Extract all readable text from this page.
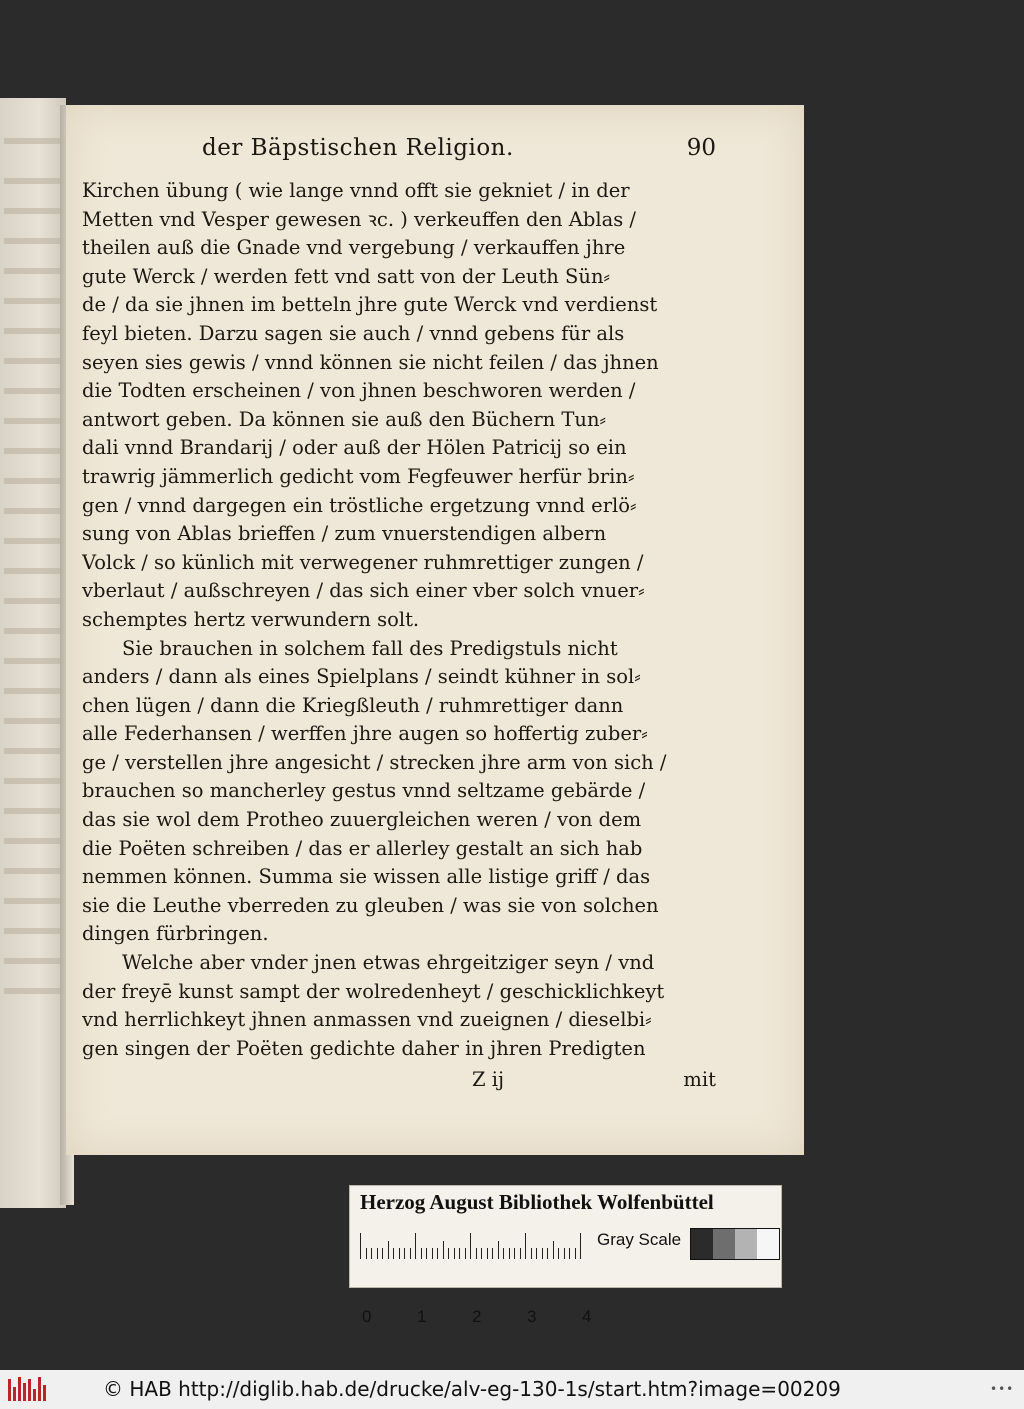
der Bäpstischen Religion.	90
Kirchen übung ( wie lange vnnd offt sie gekniet / in der
Metten vnd Vesper gewesen ꝛc. ) verkeuffen den Ablas /
theilen auß die Gnade vnd vergebung / verkauffen jhre
gute Werck / werden fett vnd satt von der Leuth Sün⸗
de / da sie jhnen im betteln jhre gute Werck vnd verdienst
feyl bieten. Darzu sagen sie auch / vnnd gebens für als
seyen sies gewis / vnnd können sie nicht feilen / das jhnen
die Todten erscheinen / von jhnen beschworen werden /
antwort geben. Da können sie auß den Büchern Tun⸗
dali vnnd Brandarij / oder auß der Hölen Patricij so ein
trawrig jämmerlich gedicht vom Fegfeuwer herfür brin⸗
gen / vnnd dargegen ein tröstliche ergetzung vnnd erlö⸗
sung von Ablas brieffen / zum vnuerstendigen albern
Volck / so künlich mit verwegener ruhmrettiger zungen /
vberlaut / außschreyen / das sich einer vber solch vnuer⸗
schemptes hertz verwundern solt.
Sie brauchen in solchem fall des Predigstuls nicht
anders / dann als eines Spielplans / seindt kühner in sol⸗
chen lügen / dann die Kriegßleuth / ruhmrettiger dann
alle Federhansen / werffen jhre augen so hoffertig zuber⸗
ge / verstellen jhre angesicht / strecken jhre arm von sich /
brauchen so mancherley gestus vnnd seltzame gebärde /
das sie wol dem Protheo zuuergleichen weren / von dem
die Poëten schreiben / das er allerley gestalt an sich hab
nemmen können. Summa sie wissen alle listige griff / das
sie die Leuthe vberreden zu gleuben / was sie von solchen
dingen fürbringen.
Welche aber vnder jnen etwas ehrgeitziger seyn / vnd
der freyē kunst sampt der wolredenheyt / geschicklichkeyt
vnd herrlichkeyt jhnen anmassen vnd zueignen / dieselbi⸗
gen singen der Poëten gedichte daher in jhren Predigten
Z ij	mit
Herzog August Bibliothek Wolfenbüttel
0	1	2	3	4
Gray Scale
© HAB http://diglib.hab.de/drucke/alv-eg-130-1s/start.htm?image=00209	•••
